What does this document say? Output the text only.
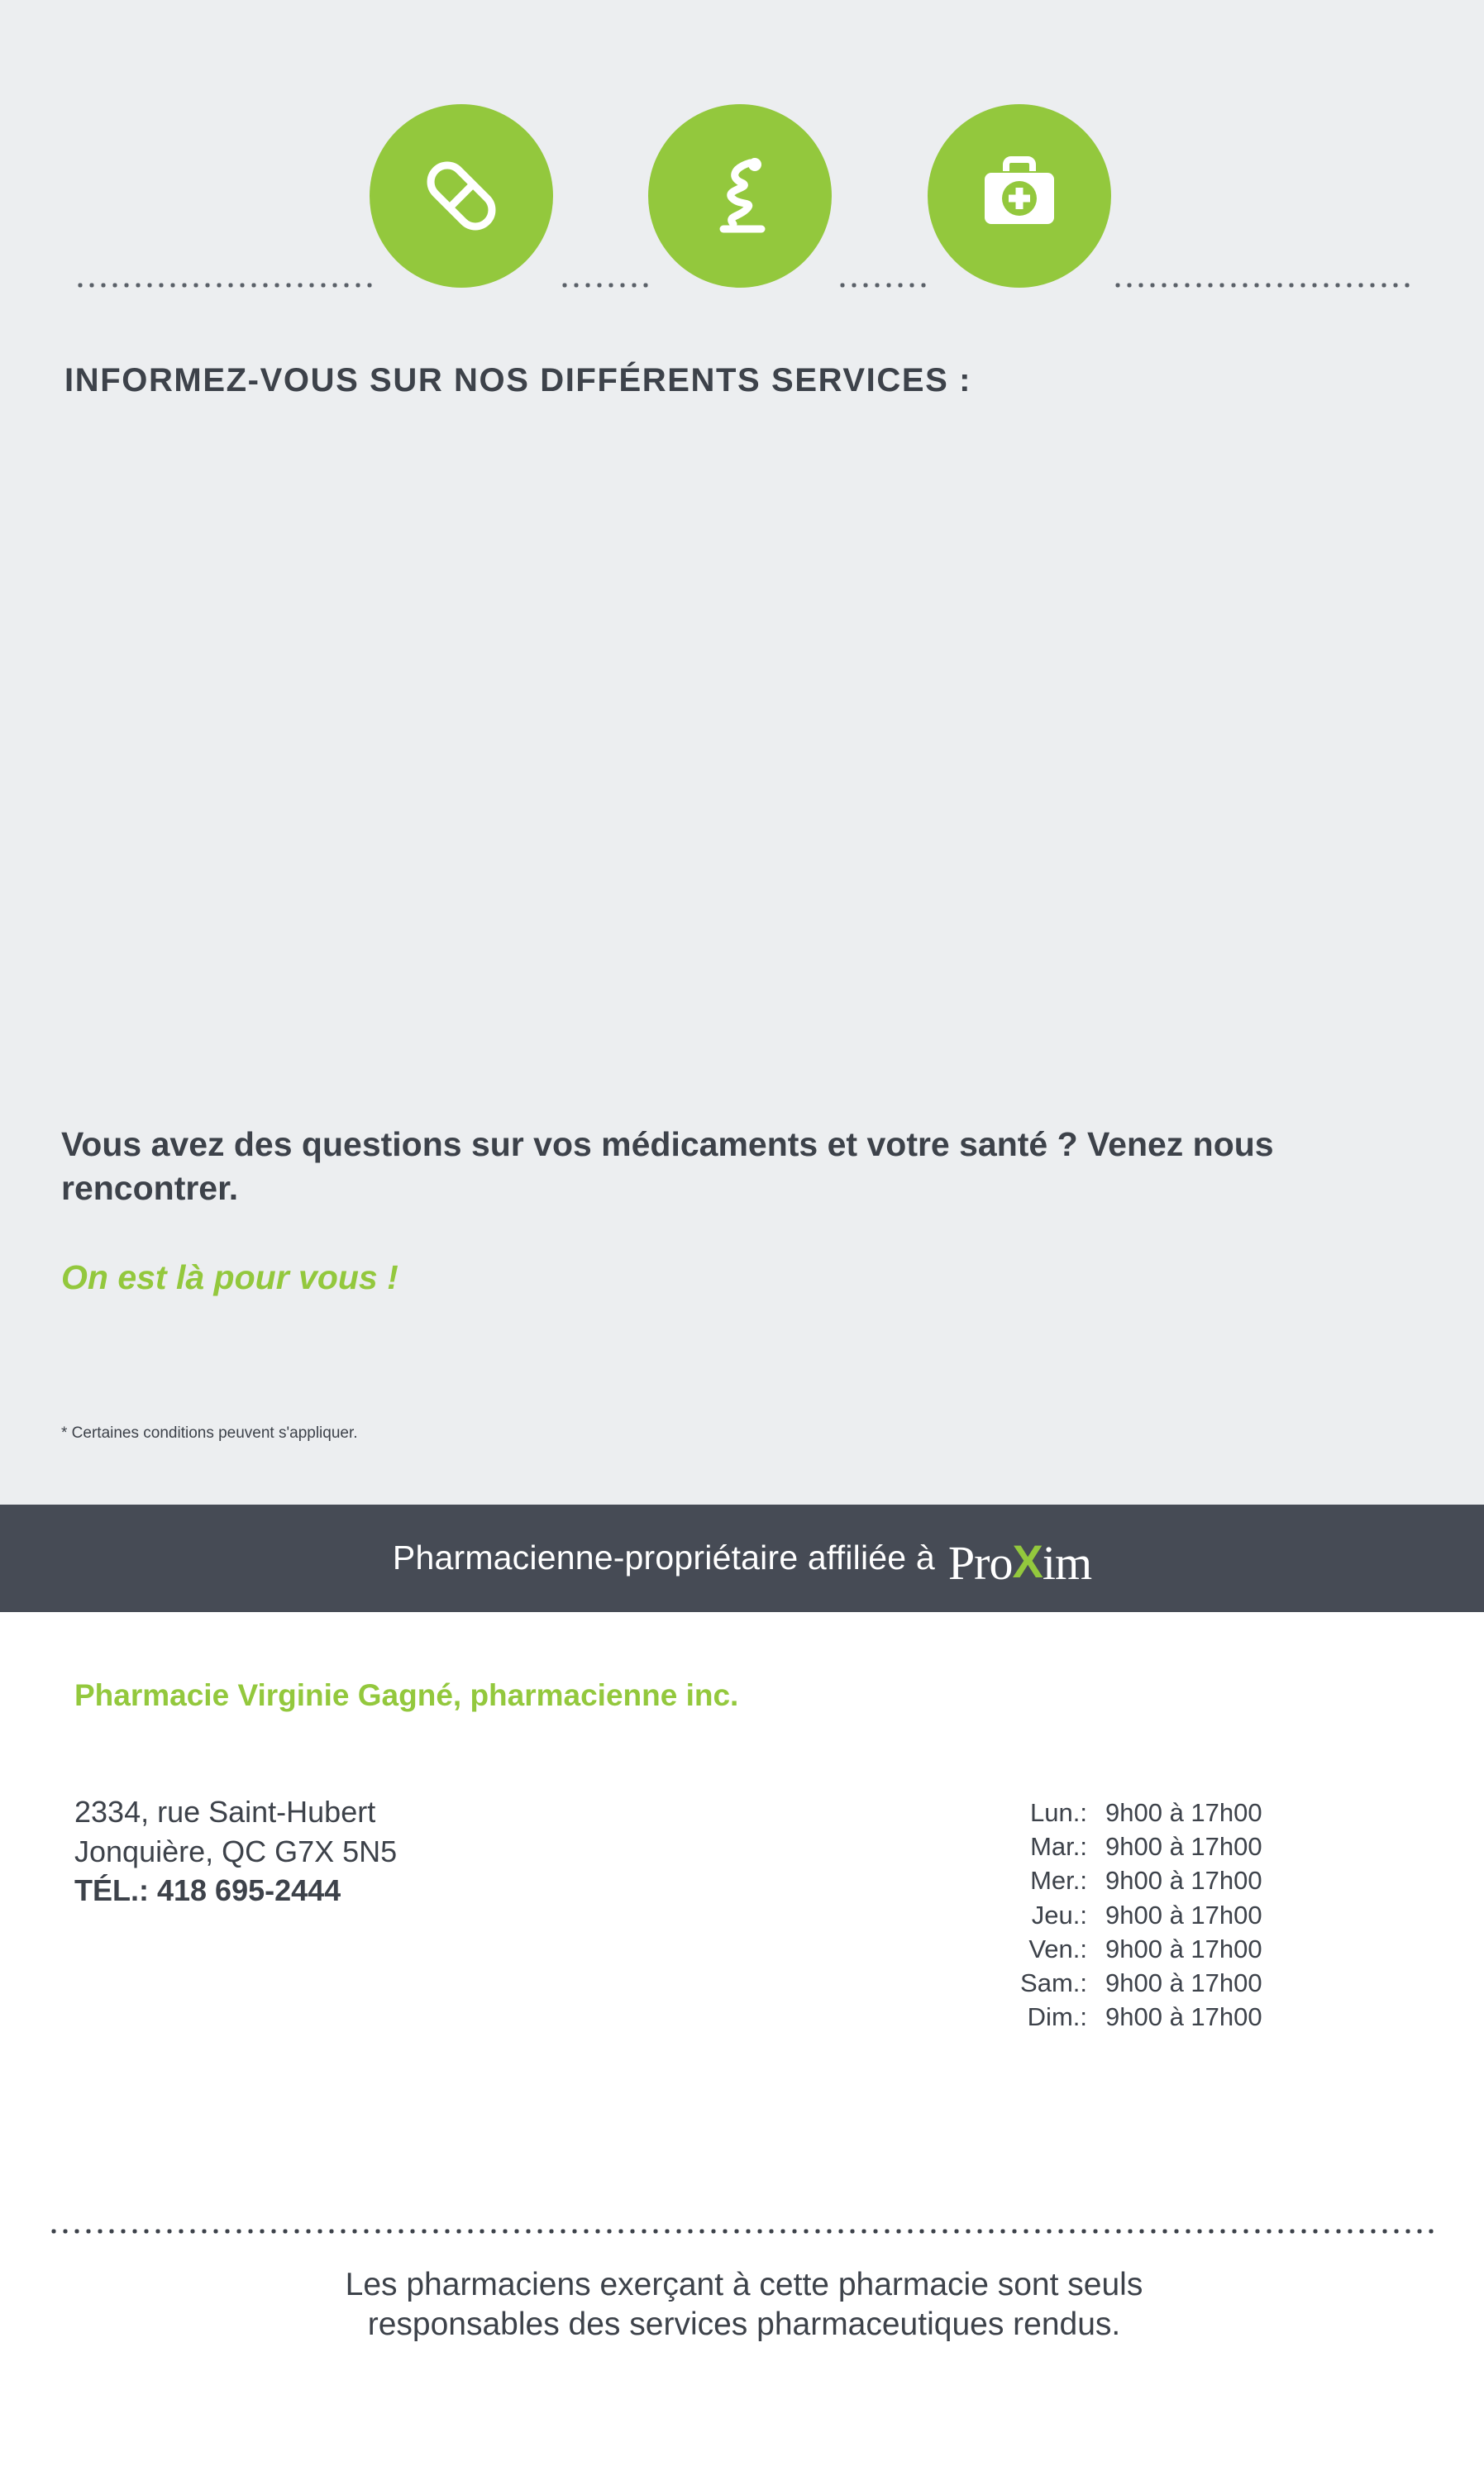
INFORMEZ-VOUS SUR NOS DIFFÉRENTS SERVICES :
Vous avez des questions sur vos médicaments et votre santé ? Venez nous rencontrer.
On est là pour vous !
* Certaines conditions peuvent s'appliquer.
Pharmacienne-propriétaire affiliée à Pro X im
Pharmacie Virginie Gagné, pharmacienne inc.
2334, rue Saint-Hubert
Jonquière, QC G7X 5N5
TÉL.: 418 695-2444
Lun.: 9h00 à 17h00
Mar.: 9h00 à 17h00
Mer.: 9h00 à 17h00
Jeu.: 9h00 à 17h00
Ven.: 9h00 à 17h00
Sam.: 9h00 à 17h00
Dim.: 9h00 à 17h00
Les pharmaciens exerçant à cette pharmacie sont seuls
responsables des services pharmaceutiques rendus.
